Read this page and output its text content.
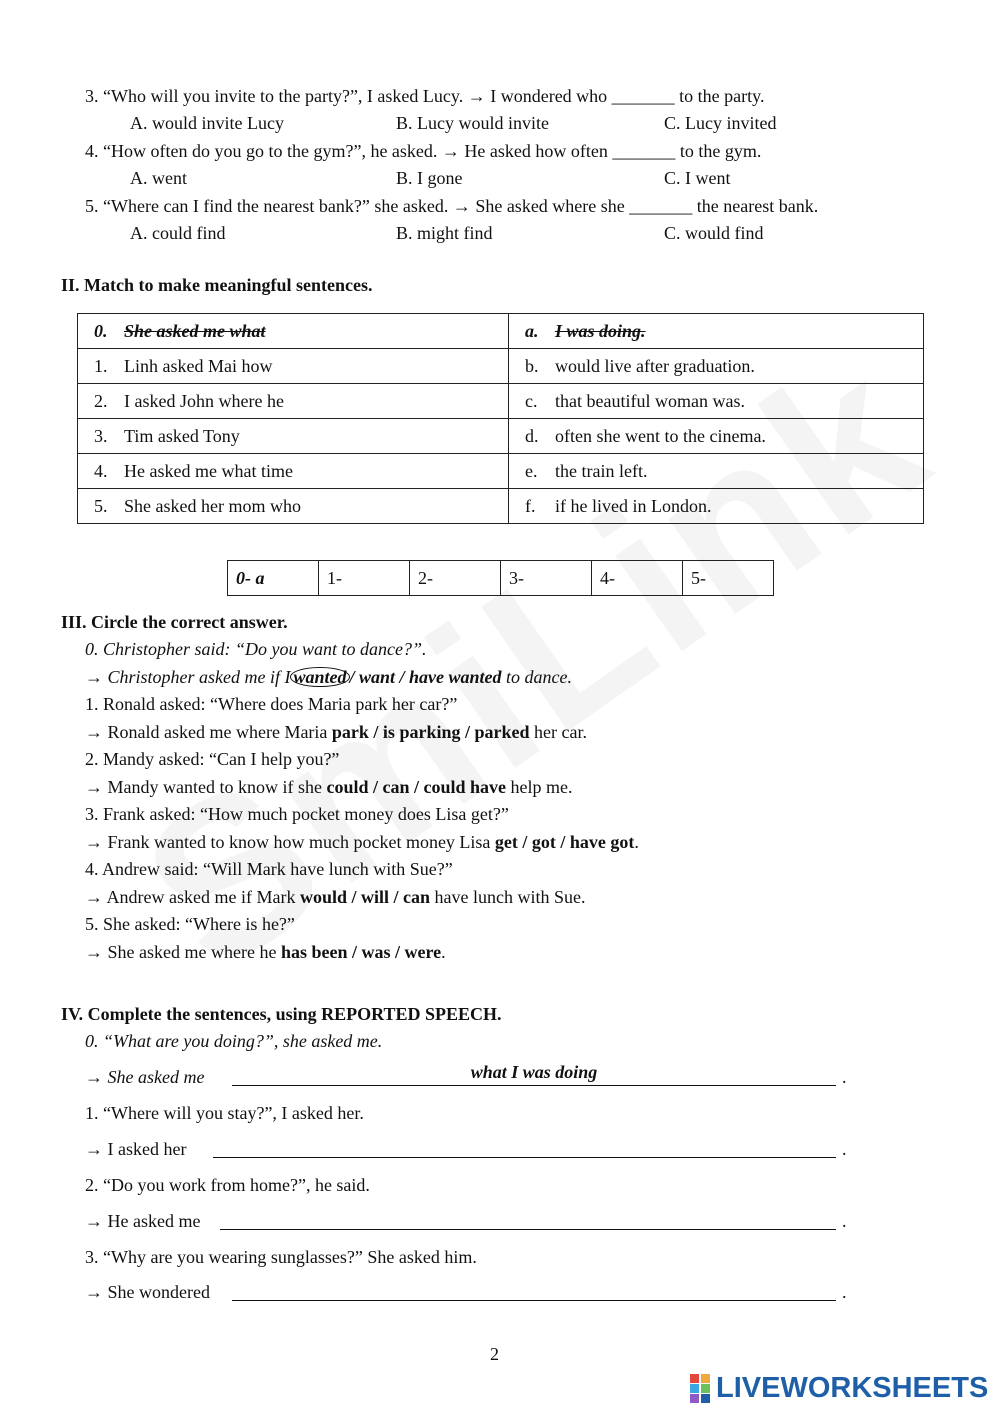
3. “Who will you invite to the party?”, I asked Lucy. → I wondered who _______ to the party.
A. would invite Lucy	B. Lucy would invite	C. Lucy invited
4. “How often do you go to the gym?”, he asked. → He asked how often _______ to the gym.
A. went	B. I gone	C. I went
5. “Where can I find the nearest bank?” she asked. → She asked where she _______ the nearest bank.
A. could find	B. might find	C. would find
II. Match to make meaningful sentences.
0. She asked me what	a. I was doing.
1. Linh asked Mai how	b. would live after graduation.
2. I asked John where he	c. that beautiful woman was.
3. Tim asked Tony	d. often she went to the cinema.
4. He asked me what time	e. the train left.
5. She asked her mom who	f. if he lived in London.
0- a	1-	2-	3-	4-	5-
III. Circle the correct answer.
0. Christopher said: “Do you want to dance?”.
→ Christopher asked me if I wanted / want / have wanted to dance.
1. Ronald asked: “Where does Maria park her car?”
→ Ronald asked me where Maria park / is parking / parked her car.
2. Mandy asked: “Can I help you?”
→ Mandy wanted to know if she could / can / could have help me.
3. Frank asked: “How much pocket money does Lisa get?”
→ Frank wanted to know how much pocket money Lisa get / got / have got.
4. Andrew said: “Will Mark have lunch with Sue?”
→ Andrew asked me if Mark would / will / can have lunch with Sue.
5. She asked: “Where is he?”
→ She asked me where he has been / was / were.
IV. Complete the sentences, using REPORTED SPEECH.
0. “What are you doing?”, she asked me.
→ She asked me	what I was doing	.
1. “Where will you stay?”, I asked her.
→ I asked her	.
2. “Do you work from home?”, he said.
→ He asked me	.
3. “Why are you wearing sunglasses?” She asked him.
→ She wondered	.
2
LIVEWORKSHEETS
